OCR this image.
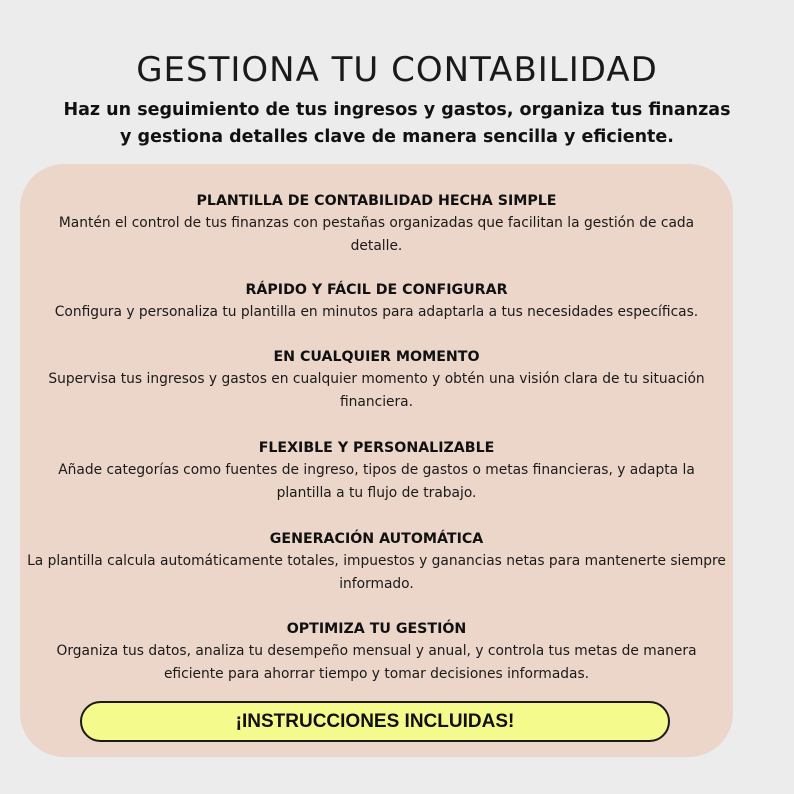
GESTIONA TU CONTABILIDAD

Haz un seguimiento de tus ingresos y gastos, organiza tus finanzas y gestiona detalles clave de manera sencilla y eficiente.

PLANTILLA DE CONTABILIDAD HECHA SIMPLE

Mantén el control de tus finanzas con pestañas organizadas que facilitan la gestión de cada detalle.

RÁPIDO Y FÁCIL DE CONFIGURAR

Configura y personaliza tu plantilla en minutos para adaptarla a tus necesidades específicas.

EN CUALQUIER MOMENTO

Supervisa tus ingresos y gastos en cualquier momento y obtén una visión clara de tu situación financiera.

FLEXIBLE Y PERSONALIZABLE

Añade categorías como fuentes de ingreso, tipos de gastos o metas financieras, y adapta la plantilla a tu flujo de trabajo.

GENERACIÓN AUTOMÁTICA

La plantilla calcula automáticamente totales, impuestos y ganancias netas para mantenerte siempre informado.

OPTIMIZA TU GESTIÓN

Organiza tus datos, analiza tu desempeño mensual y anual, y controla tus metas de manera eficiente para ahorrar tiempo y tomar decisiones informadas.

¡INSTRUCCIONES INCLUIDAS!
